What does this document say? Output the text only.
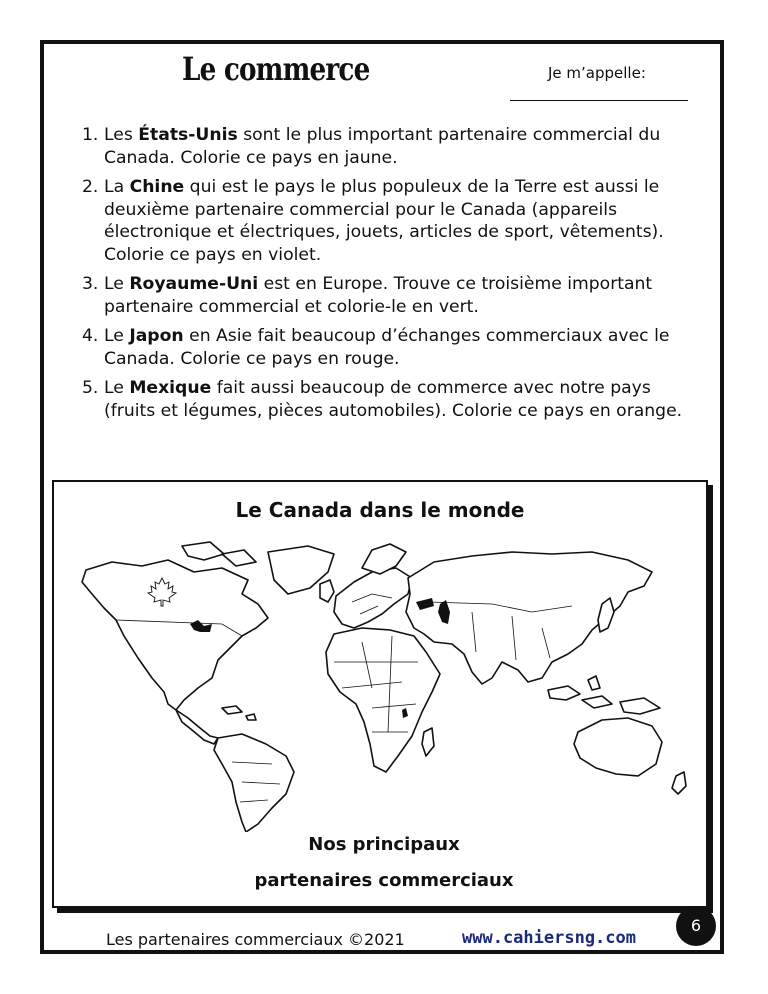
Le commerce	Je m’appelle:
1. Les États-Unis sont le plus important partenaire commercial du Canada. Colorie ce pays en jaune.
2. La Chine qui est le pays le plus populeux de la Terre est aussi le deuxième partenaire commercial pour le Canada (appareils électronique et électriques, jouets, articles de sport, vêtements). Colorie ce pays en violet.
3. Le Royaume-Uni est en Europe. Trouve ce troisième important partenaire commercial et colorie-le en vert.
4. Le Japon en Asie fait beaucoup d’échanges commerciaux avec le Canada. Colorie ce pays en rouge.
5. Le Mexique fait aussi beaucoup de commerce avec notre pays (fruits et légumes, pièces automobiles). Colorie ce pays en orange.
Le Canada dans le monde
Nos principaux
partenaires commerciaux
Les partenaires commerciaux ©2021	www.cahiersng.com
6
